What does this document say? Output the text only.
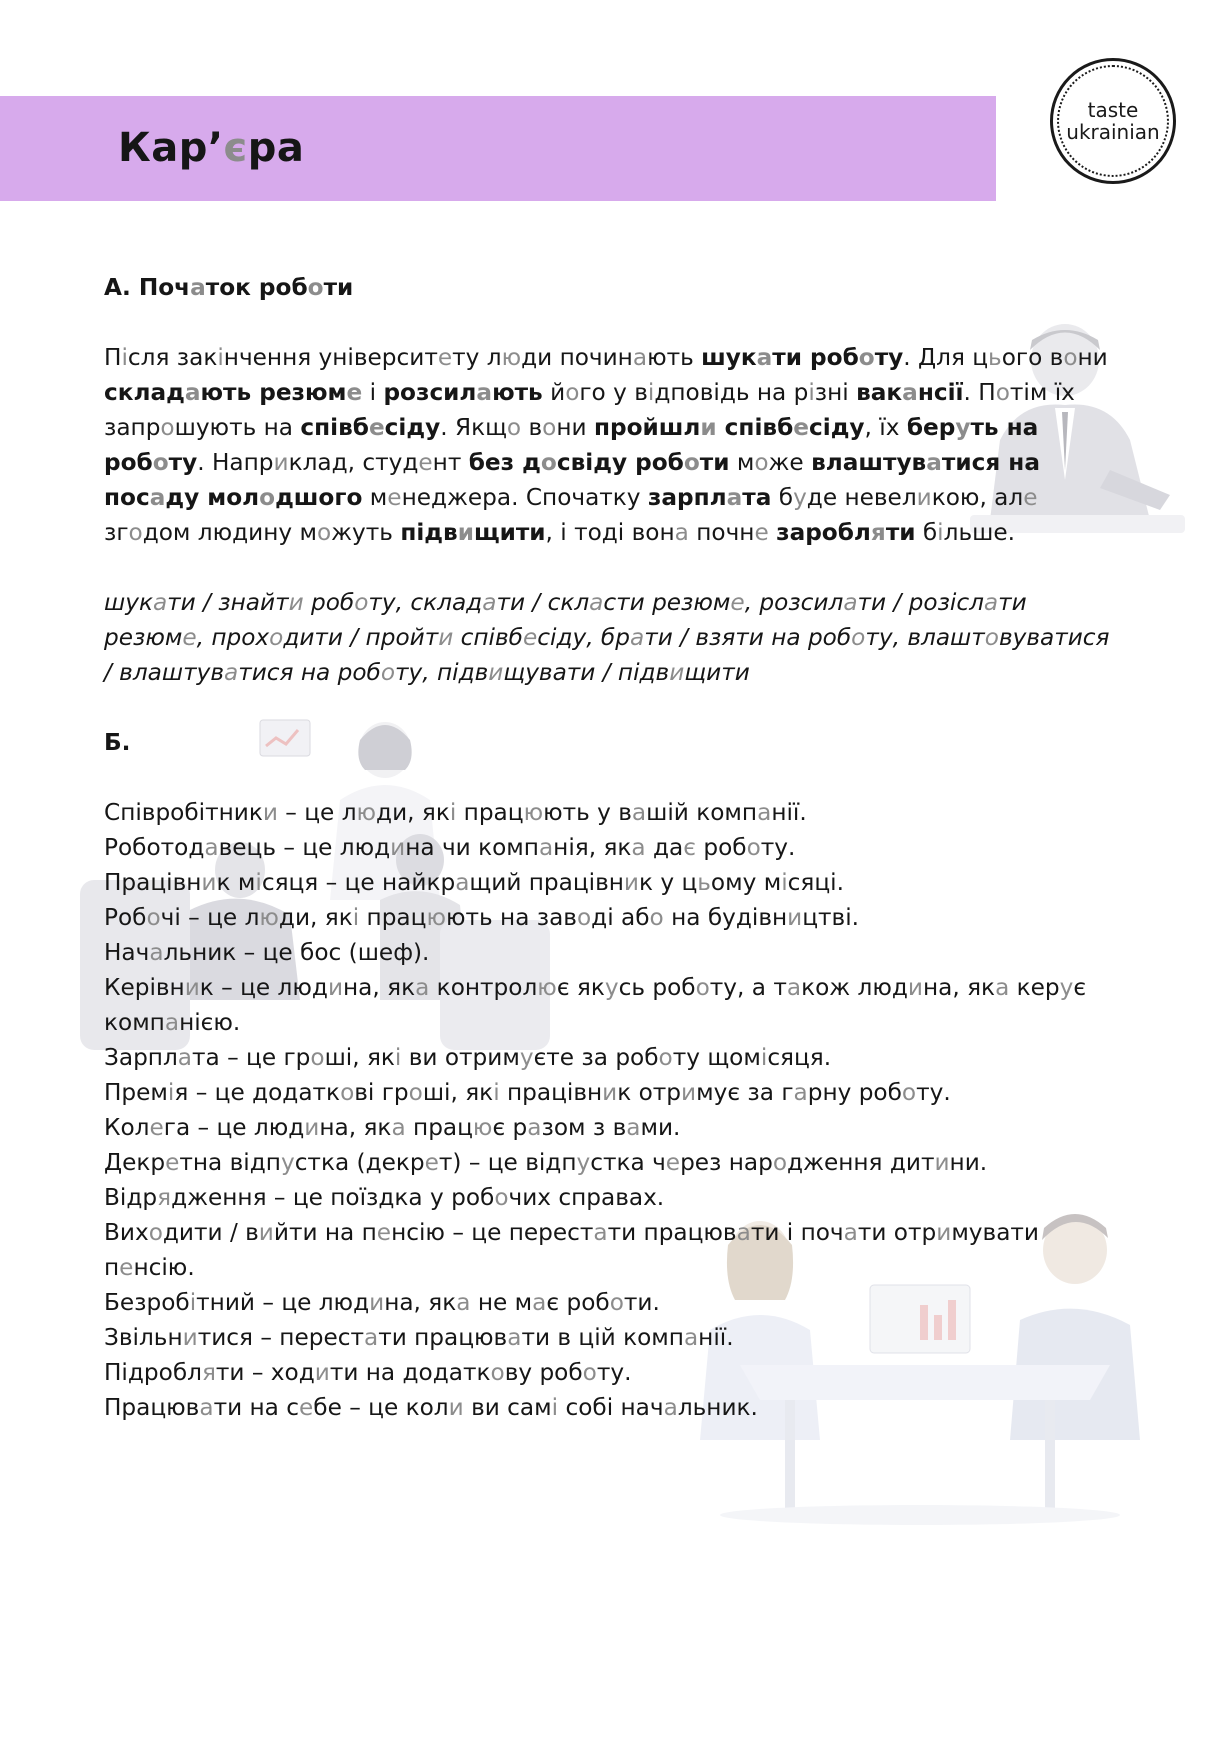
Кар’єра
taste
ukrainian

А. Початок роботи

Після закінчення університету люди починають шукати роботу. Для цього вони складають резюме і розсилають його у відповідь на різні вакансії. Потім їх запрошують на співбесіду. Якщо вони пройшли співбесіду, їх беруть на роботу. Наприклад, студент без досвіду роботи може влаштуватися на посаду молодшого менеджера. Спочатку зарплата буде невеликою, але згодом людину можуть підвищити, і тоді вона почне заробляти більше.

шукати / знайти роботу, складати / скласти резюме, розсилати / розіслати резюме, проходити / пройти співбесіду, брати / взяти на роботу, влаштовуватися / влаштуватися на роботу, підвищувати / підвищити

Б.

Співробітники – це люди, які працюють у вашій компанії.

Роботодавець – це людина чи компанія, яка дає роботу.

Працівник місяця – це найкращий працівник у цьому місяці.

Робочі – це люди, які працюють на заводі або на будівництві.

Начальник – це бос (шеф).

Керівник – це людина, яка контролює якусь роботу, а також людина, яка керує компанією.

Зарплата – це гроші, які ви отримуєте за роботу щомісяця.

Премія – це додаткові гроші, які працівник отримує за гарну роботу.

Колега – це людина, яка працює разом з вами.

Декретна відпустка (декрет) – це відпустка через народження дитини.

Відрядження – це поїздка у робочих справах.

Виходити / вийти на пенсію – це перестати працювати і почати отримувати пенсію.

Безробітний – це людина, яка не має роботи.

Звільнитися – перестати працювати в цій компанії.

Підробляти – ходити на додаткову роботу.

Працювати на себе – це коли ви самі собі начальник.
